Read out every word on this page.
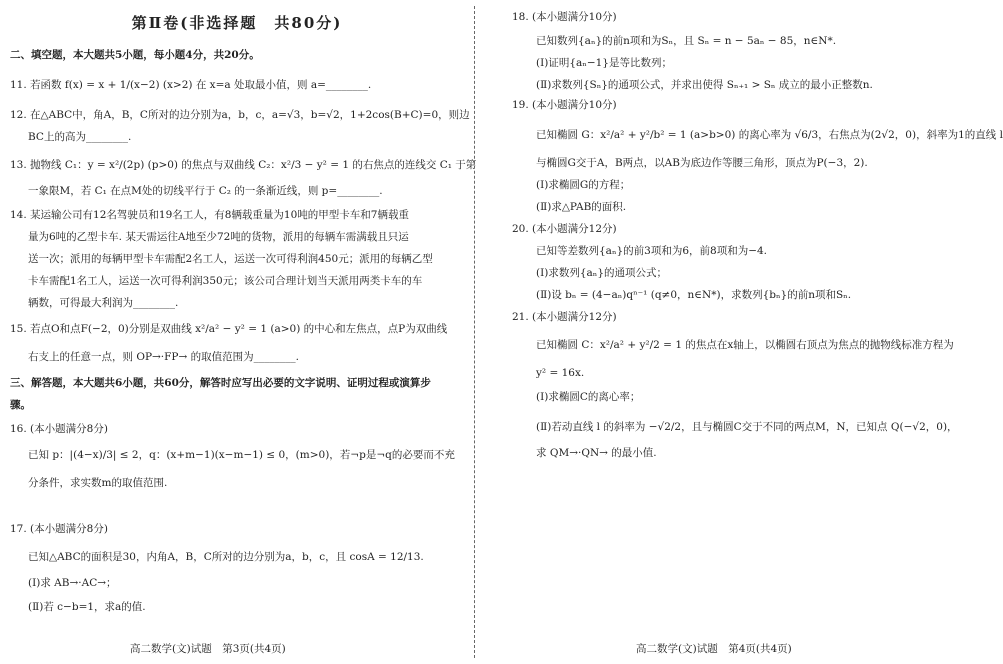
第Ⅱ卷(非选择题　共80分)
二、填空题，本大题共5小题，每小题4分，共20分。
11. 若函数 f(x) = x + 1/(x−2) (x>2) 在 x=a 处取最小值，则 a=________.
12. 在△ABC中，角A，B，C所对的边分别为a，b，c，a=√3，b=√2，1+2cos(B+C)=0，则边
BC上的高为________.
13. 抛物线 C₁：y = x²/(2p) (p>0) 的焦点与双曲线 C₂：x²/3 − y² = 1 的右焦点的连线交 C₁ 于第
一象限M，若 C₁ 在点M处的切线平行于 C₂ 的一条渐近线，则 p=________.
14. 某运输公司有12名驾驶员和19名工人，有8辆载重量为10吨的甲型卡车和7辆载重
量为6吨的乙型卡车. 某天需运往A地至少72吨的货物，派用的每辆车需满载且只运
送一次；派用的每辆甲型卡车需配2名工人，运送一次可得利润450元；派用的每辆乙型
卡车需配1名工人，运送一次可得利润350元；该公司合理计划当天派用两类卡车的车
辆数，可得最大利润为________.
15. 若点O和点F(−2，0)分别是双曲线 x²/a² − y² = 1 (a>0) 的中心和左焦点，点P为双曲线
右支上的任意一点，则 OP→·FP→ 的取值范围为________.
三、解答题，本大题共6小题，共60分，解答时应写出必要的文字说明、证明过程或演算步
骤。
16. (本小题满分8分)
已知 p：|(4−x)/3| ≤ 2，q：(x+m−1)(x−m−1) ≤ 0，(m>0)，若¬p是¬q的必要而不充
分条件，求实数m的取值范围.
17. (本小题满分8分)
已知△ABC的面积是30，内角A，B，C所对的边分别为a，b，c，且 cosA = 12/13.
(Ⅰ)求 AB→·AC→；
(Ⅱ)若 c−b=1，求a的值.
高二数学(文)试题　第3页(共4页)
18. (本小题满分10分)
已知数列{aₙ}的前n项和为Sₙ，且 Sₙ = n − 5aₙ − 85，n∈N*.
(Ⅰ)证明{aₙ−1}是等比数列；
(Ⅱ)求数列{Sₙ}的通项公式，并求出使得 Sₙ₊₁ > Sₙ 成立的最小正整数n.
19. (本小题满分10分)
已知椭圆 G：x²/a² + y²/b² = 1 (a>b>0) 的离心率为 √6/3，右焦点为(2√2，0)，斜率为1的直线 l
与椭圆G交于A，B两点，以AB为底边作等腰三角形，顶点为P(−3，2).
(Ⅰ)求椭圆G的方程；
(Ⅱ)求△PAB的面积.
20. (本小题满分12分)
已知等差数列{aₙ}的前3项和为6，前8项和为−4.
(Ⅰ)求数列{aₙ}的通项公式；
(Ⅱ)设 bₙ = (4−aₙ)qⁿ⁻¹ (q≠0，n∈N*)，求数列{bₙ}的前n项和Sₙ.
21. (本小题满分12分)
已知椭圆 C：x²/a² + y²/2 = 1 的焦点在x轴上，以椭圆右顶点为焦点的抛物线标准方程为
y² = 16x.
(Ⅰ)求椭圆C的离心率；
(Ⅱ)若动直线 l 的斜率为 −√2/2，且与椭圆C交于不同的两点M，N，已知点 Q(−√2，0)，
求 QM→·QN→ 的最小值.
高二数学(文)试题　第4页(共4页)
